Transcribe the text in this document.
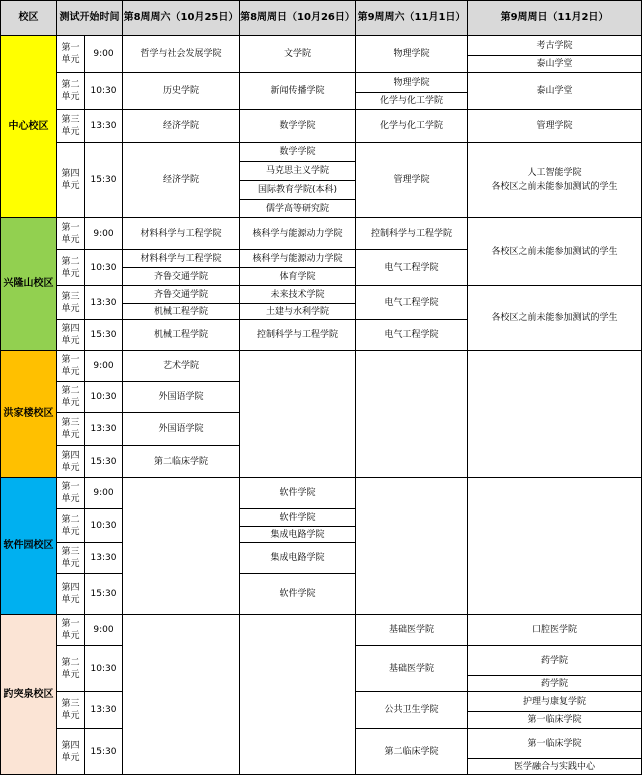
校区	测试开始时间 第8周周六（10月25日） 第8周周日（10月26日） 第9周周六（11月1日）	第9周周日（11月2日）
中心校区
第一
单元
9:00
第二
单元
10:30
第三
单元
13:30
第四
单元
15:30
哲学与社会发展学院
历史学院
经济学院
经济学院
文学院
新闻传播学院
数学学院
数学学院
马克思主义学院
国际教育学院(本科)
儒学高等研究院
物理学院
物理学院
化学与化工学院
化学与化工学院
管理学院
考古学院
泰山学堂
泰山学堂
管理学院
人工智能学院
各校区之前未能参加测试的学生
兴隆山校区
第一
单元
9:00
第二
单元
10:30
第三
单元
13:30
第四
单元
15:30
材料科学与工程学院
材料科学与工程学院
齐鲁交通学院
齐鲁交通学院
机械工程学院
机械工程学院
核科学与能源动力学院
核科学与能源动力学院
体育学院
未来技术学院
土建与水利学院
控制科学与工程学院
控制科学与工程学院
电气工程学院
电气工程学院
电气工程学院
各校区之前未能参加测试的学生
各校区之前未能参加测试的学生
洪家楼校区
第一
单元
9:00
第二
单元
10:30
第三
单元
13:30
第四
单元
15:30
艺术学院
外国语学院
外国语学院
第二临床学院
软件园校区
第一
单元
9:00
第二
单元
10:30
第三
单元
13:30
第四
单元
15:30
软件学院
软件学院
集成电路学院
集成电路学院
软件学院
趵突泉校区
第一
单元
9:00
第二
单元
10:30
第三
单元
13:30
第四
单元
15:30
基础医学院
基础医学院
公共卫生学院
第二临床学院
口腔医学院
药学院
药学院
护理与康复学院
第一临床学院
第一临床学院
医学融合与实践中心
